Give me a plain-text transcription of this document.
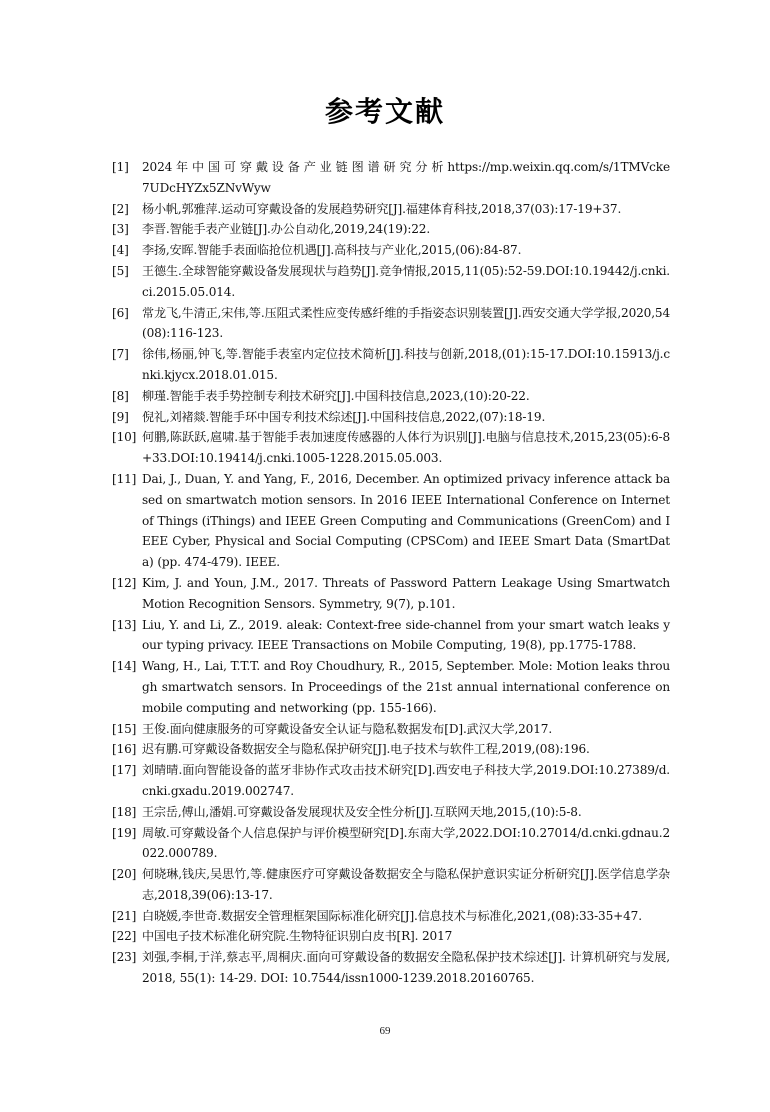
参考文献
[1] 2024 年 中 国 可 穿 戴 设 备 产 业 链 图 谱 研 究 分 析 https://mp.weixin.qq.com/s/1TMVcke7UDcHYZx5ZNvWyw
[2] 杨小帆,郭雅萍.运动可穿戴设备的发展趋势研究[J].福建体育科技,2018,37(03):17-19+37.
[3] 李晋.智能手表产业链[J].办公自动化,2019,24(19):22.
[4] 李扬,安晖.智能手表面临抢位机遇[J].高科技与产业化,2015,(06):84-87.
[5] 王德生.全球智能穿戴设备发展现状与趋势[J].竞争情报,2015,11(05):52-59.DOI:10.19442/j.cnki.ci.2015.05.014.
[6] 常龙飞,牛清正,宋伟,等.压阻式柔性应变传感纤维的手指姿态识别装置[J].西安交通大学学报,2020,54(08):116-123.
[7] 徐伟,杨丽,钟飞,等.智能手表室内定位技术简析[J].科技与创新,2018,(01):15-17.DOI:10.15913/j.cnki.kjycx.2018.01.015.
[8] 柳瑾.智能手表手势控制专利技术研究[J].中国科技信息,2023,(10):20-22.
[9] 倪礼,刘褚燚.智能手环中国专利技术综述[J].中国科技信息,2022,(07):18-19.
[10] 何鹏,陈跃跃,扈啸.基于智能手表加速度传感器的人体行为识别[J].电脑与信息技术,2015,23(05):6-8+33.DOI:10.19414/j.cnki.1005-1228.2015.05.003.
[11] Dai, J., Duan, Y. and Yang, F., 2016, December. An optimized privacy inference attack based on smartwatch motion sensors. In 2016 IEEE International Conference on Internet of Things (iThings) and IEEE Green Computing and Communications (GreenCom) and IEEE Cyber, Physical and Social Computing (CPSCom) and IEEE Smart Data (SmartData) (pp. 474-479). IEEE.
[12] Kim, J. and Youn, J.M., 2017. Threats of Password Pattern Leakage Using Smartwatch Motion Recognition Sensors. Symmetry, 9(7), p.101.
[13] Liu, Y. and Li, Z., 2019. aleak: Context-free side-channel from your smart watch leaks your typing privacy. IEEE Transactions on Mobile Computing, 19(8), pp.1775-1788.
[14] Wang, H., Lai, T.T.T. and Roy Choudhury, R., 2015, September. Mole: Motion leaks through smartwatch sensors. In Proceedings of the 21st annual international conference on mobile computing and networking (pp. 155-166).
[15] 王俊.面向健康服务的可穿戴设备安全认证与隐私数据发布[D].武汉大学,2017.
[16] 迟有鹏.可穿戴设备数据安全与隐私保护研究[J].电子技术与软件工程,2019,(08):196.
[17] 刘晴晴.面向智能设备的蓝牙非协作式攻击技术研究[D].西安电子科技大学,2019.DOI:10.27389/d.cnki.gxadu.2019.002747.
[18] 王宗岳,傅山,潘娟.可穿戴设备发展现状及安全性分析[J].互联网天地,2015,(10):5-8.
[19] 周敏.可穿戴设备个人信息保护与评价模型研究[D].东南大学,2022.DOI:10.27014/d.cnki.gdnau.2022.000789.
[20] 何晓琳,钱庆,吴思竹,等.健康医疗可穿戴设备数据安全与隐私保护意识实证分析研究[J].医学信息学杂志,2018,39(06):13-17.
[21] 白晓媛,李世奇.数据安全管理框架国际标准化研究[J].信息技术与标准化,2021,(08):33-35+47.
[22] 中国电子技术标准化研究院.生物特征识别白皮书[R]. 2017
[23] 刘强,李桐,于洋,蔡志平,周桐庆.面向可穿戴设备的数据安全隐私保护技术综述[J]. 计算机研究与发展, 2018, 55(1): 14-29. DOI: 10.7544/issn1000-1239.2018.20160765.
69
